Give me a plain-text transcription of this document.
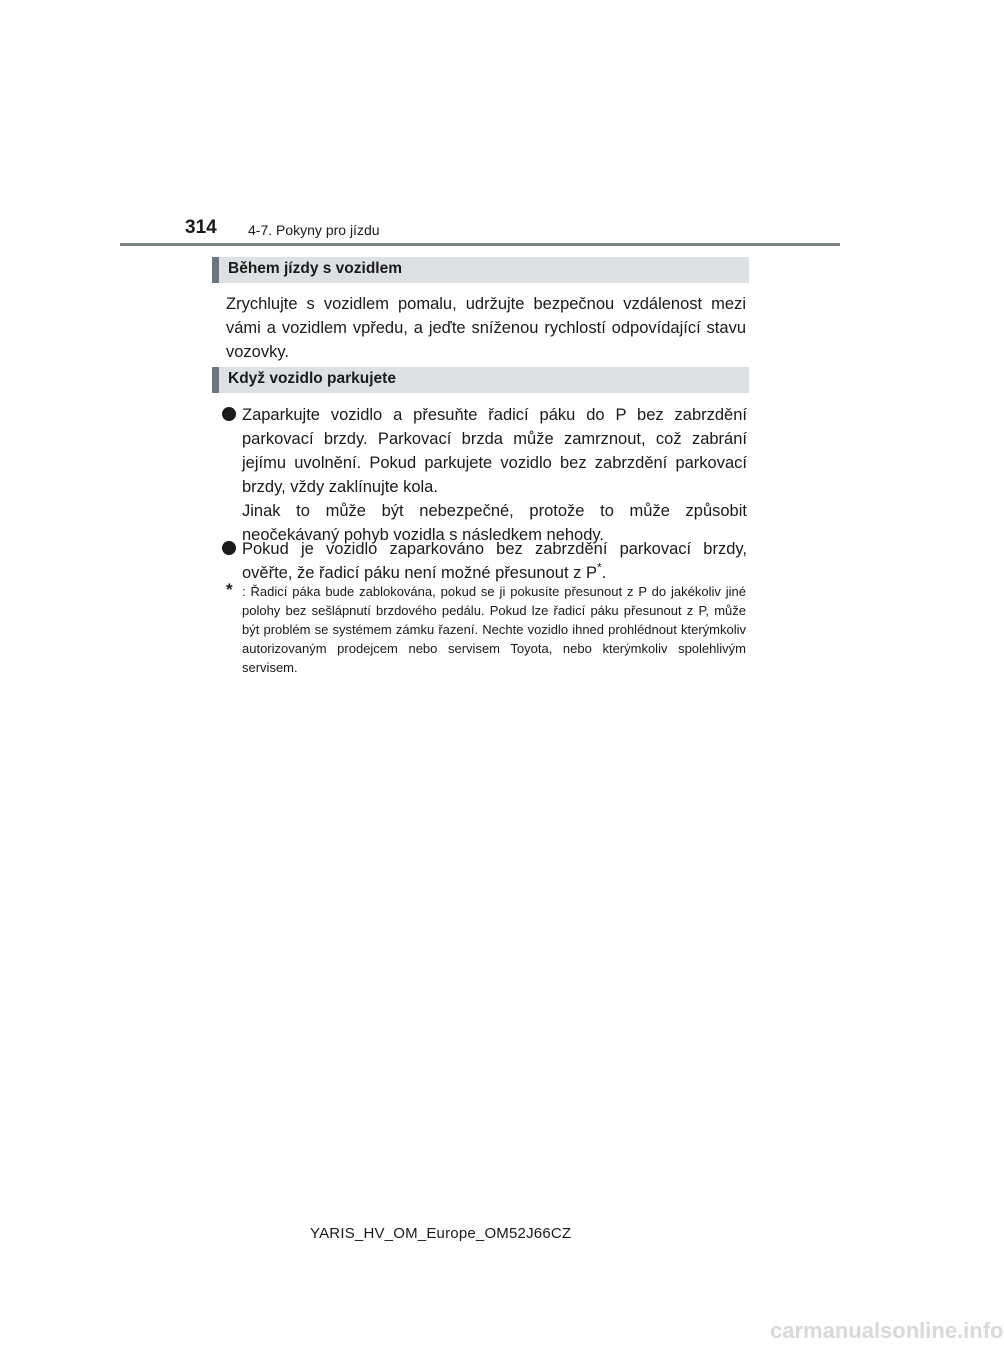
314 4-7. Pokyny pro jízdu
Během jízdy s vozidlem
Zrychlujte s vozidlem pomalu, udržujte bezpečnou vzdálenost mezi vámi a vozidlem vpředu, a jeďte sníženou rychlostí odpovídající stavu vozovky.
Když vozidlo parkujete
Zaparkujte vozidlo a přesuňte řadicí páku do P bez zabrzdění parkovací brzdy. Parkovací brzda může zamrznout, což zabrání jejímu uvolnění. Pokud parkujete vozidlo bez zabrzdění parkovací brzdy, vždy zaklínujte kola.
Jinak to může být nebezpečné, protože to může způsobit neočekávaný pohyb vozidla s následkem nehody.
Pokud je vozidlo zaparkováno bez zabrzdění parkovací brzdy, ověřte, že řadicí páku není možné přesunout z P*.
* : Řadicí páka bude zablokována, pokud se ji pokusíte přesunout z P do jakékoliv jiné polohy bez sešlápnutí brzdového pedálu. Pokud lze řadicí páku přesunout z P, může být problém se systémem zámku řazení. Nechte vozidlo ihned prohlédnout kterýmkoliv autorizovaným prodejcem nebo servisem Toyota, nebo kterýmkoliv spolehlivým servisem.
YARIS_HV_OM_Europe_OM52J66CZ
carmanualsonline.info
